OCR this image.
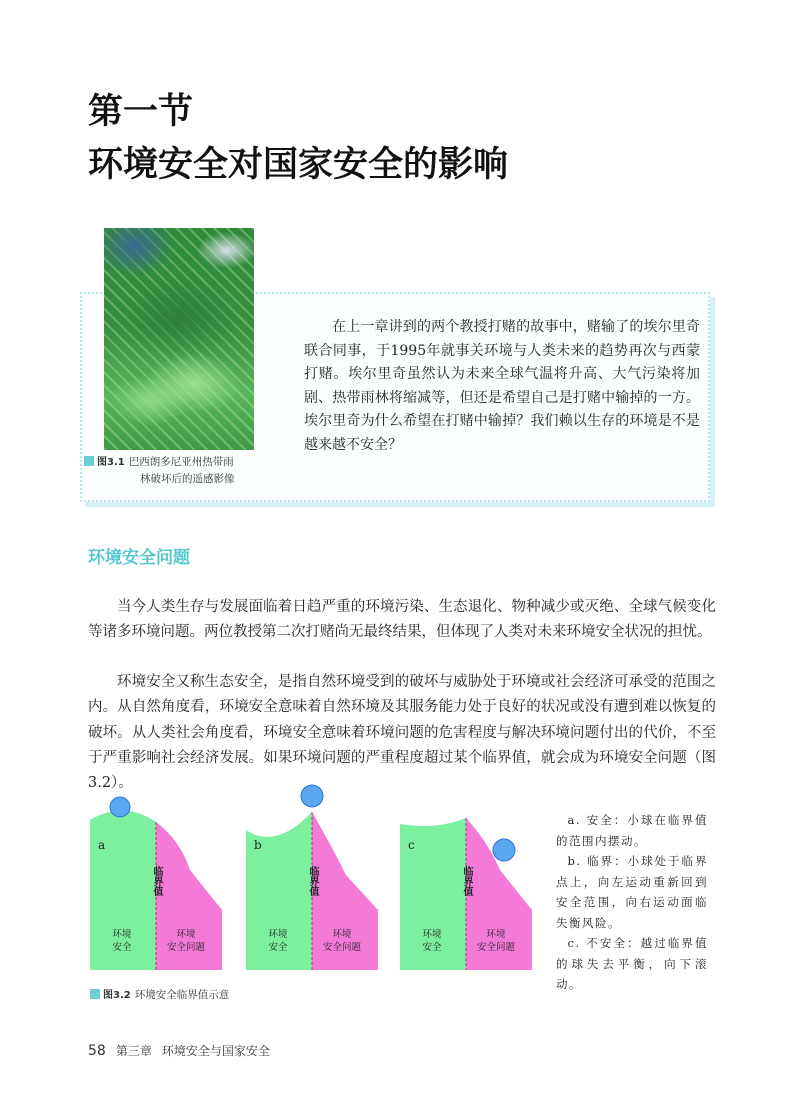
第一节
环境安全对国家安全的影响
图3.1 巴西朗多尼亚州热带雨
林破坏后的遥感影像

在上一章讲到的两个教授打赌的故事中，赌输了的埃尔里奇联合同事，于1995年就事关环境与人类未来的趋势再次与西蒙打赌。埃尔里奇虽然认为未来全球气温将升高、大气污染将加剧、热带雨林将缩减等，但还是希望自己是打赌中输掉的一方。埃尔里奇为什么希望在打赌中输掉？我们赖以生存的环境是不是越来越不安全？

环境安全问题

当今人类生存与发展面临着日趋严重的环境污染、生态退化、物种减少或灭绝、全球气候变化等诸多环境问题。两位教授第二次打赌尚无最终结果，但体现了人类对未来环境安全状况的担忧。

环境安全又称生态安全，是指自然环境受到的破坏与威胁处于环境或社会经济可承受的范围之内。从自然角度看，环境安全意味着自然环境及其服务能力处于良好的状况或没有遭到难以恢复的破坏。从人类社会角度看，环境安全意味着环境问题的危害程度与解决环境问题付出的代价，不至于严重影响社会经济发展。如果环境问题的严重程度超过某个临界值，就会成为环境安全问题（图3.2）。

a
临界值
环境
安全
环境
安全问题
b
临界值
环境
安全
环境
安全问题
c
临界值
环境
安全
环境
安全问题
图3.2 环境安全临界值示意

a. 安全：小球在临界值的范围内摆动。

b. 临界：小球处于临界点上，向左运动重新回到安全范围，向右运动面临失衡风险。

c. 不安全：越过临界值的球失去平衡，向下滚动。

58 第三章 环境安全与国家安全
